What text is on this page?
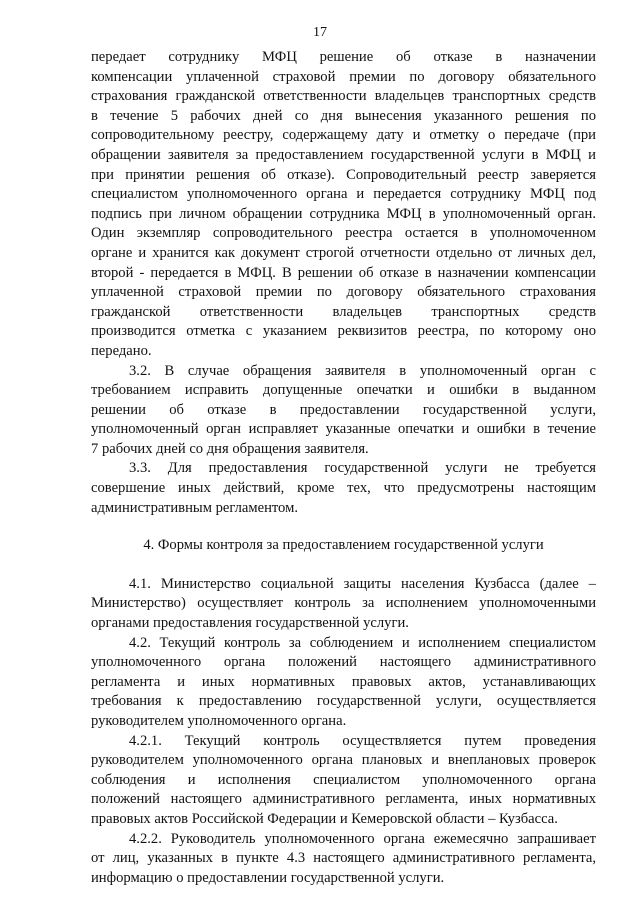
17
передает сотруднику МФЦ решение об отказе в назначении
компенсации уплаченной страховой премии по договору обязательного
страхования гражданской ответственности владельцев транспортных средств
в течение 5 рабочих дней со дня вынесения указанного решения по
сопроводительному реестру, содержащему дату и отметку о передаче (при
обращении заявителя за предоставлением государственной услуги в МФЦ и
при принятии решения об отказе). Сопроводительный реестр заверяется
специалистом уполномоченного органа и передается сотруднику МФЦ под
подпись при личном обращении сотрудника МФЦ в уполномоченный орган.
Один экземпляр сопроводительного реестра остается в уполномоченном
органе и хранится как документ строгой отчетности отдельно от личных дел,
второй - передается в МФЦ. В решении об отказе в назначении компенсации
уплаченной страховой премии по договору обязательного страхования
гражданской ответственности владельцев транспортных средств
производится отметка с указанием реквизитов реестра, по которому оно
передано.
3.2. В случае обращения заявителя в уполномоченный орган с
требованием исправить допущенные опечатки и ошибки в выданном
решении об отказе в предоставлении государственной услуги,
уполномоченный орган исправляет указанные опечатки и ошибки в течение
7 рабочих дней со дня обращения заявителя.
3.3. Для предоставления государственной услуги не требуется
совершение иных действий, кроме тех, что предусмотрены настоящим
административным регламентом.

4. Формы контроля за предоставлением государственной услуги

4.1. Министерство социальной защиты населения Кузбасса (далее –
Министерство) осуществляет контроль за исполнением уполномоченными
органами предоставления государственной услуги.
4.2. Текущий контроль за соблюдением и исполнением специалистом
уполномоченного органа положений настоящего административного
регламента и иных нормативных правовых актов, устанавливающих
требования к предоставлению государственной услуги, осуществляется
руководителем уполномоченного органа.
4.2.1. Текущий контроль осуществляется путем проведения
руководителем уполномоченного органа плановых и внеплановых проверок
соблюдения и исполнения специалистом уполномоченного органа
положений настоящего административного регламента, иных нормативных
правовых актов Российской Федерации и Кемеровской области – Кузбасса.
4.2.2. Руководитель уполномоченного органа ежемесячно запрашивает
от лиц, указанных в пункте 4.3 настоящего административного регламента,
информацию о предоставлении государственной услуги.
